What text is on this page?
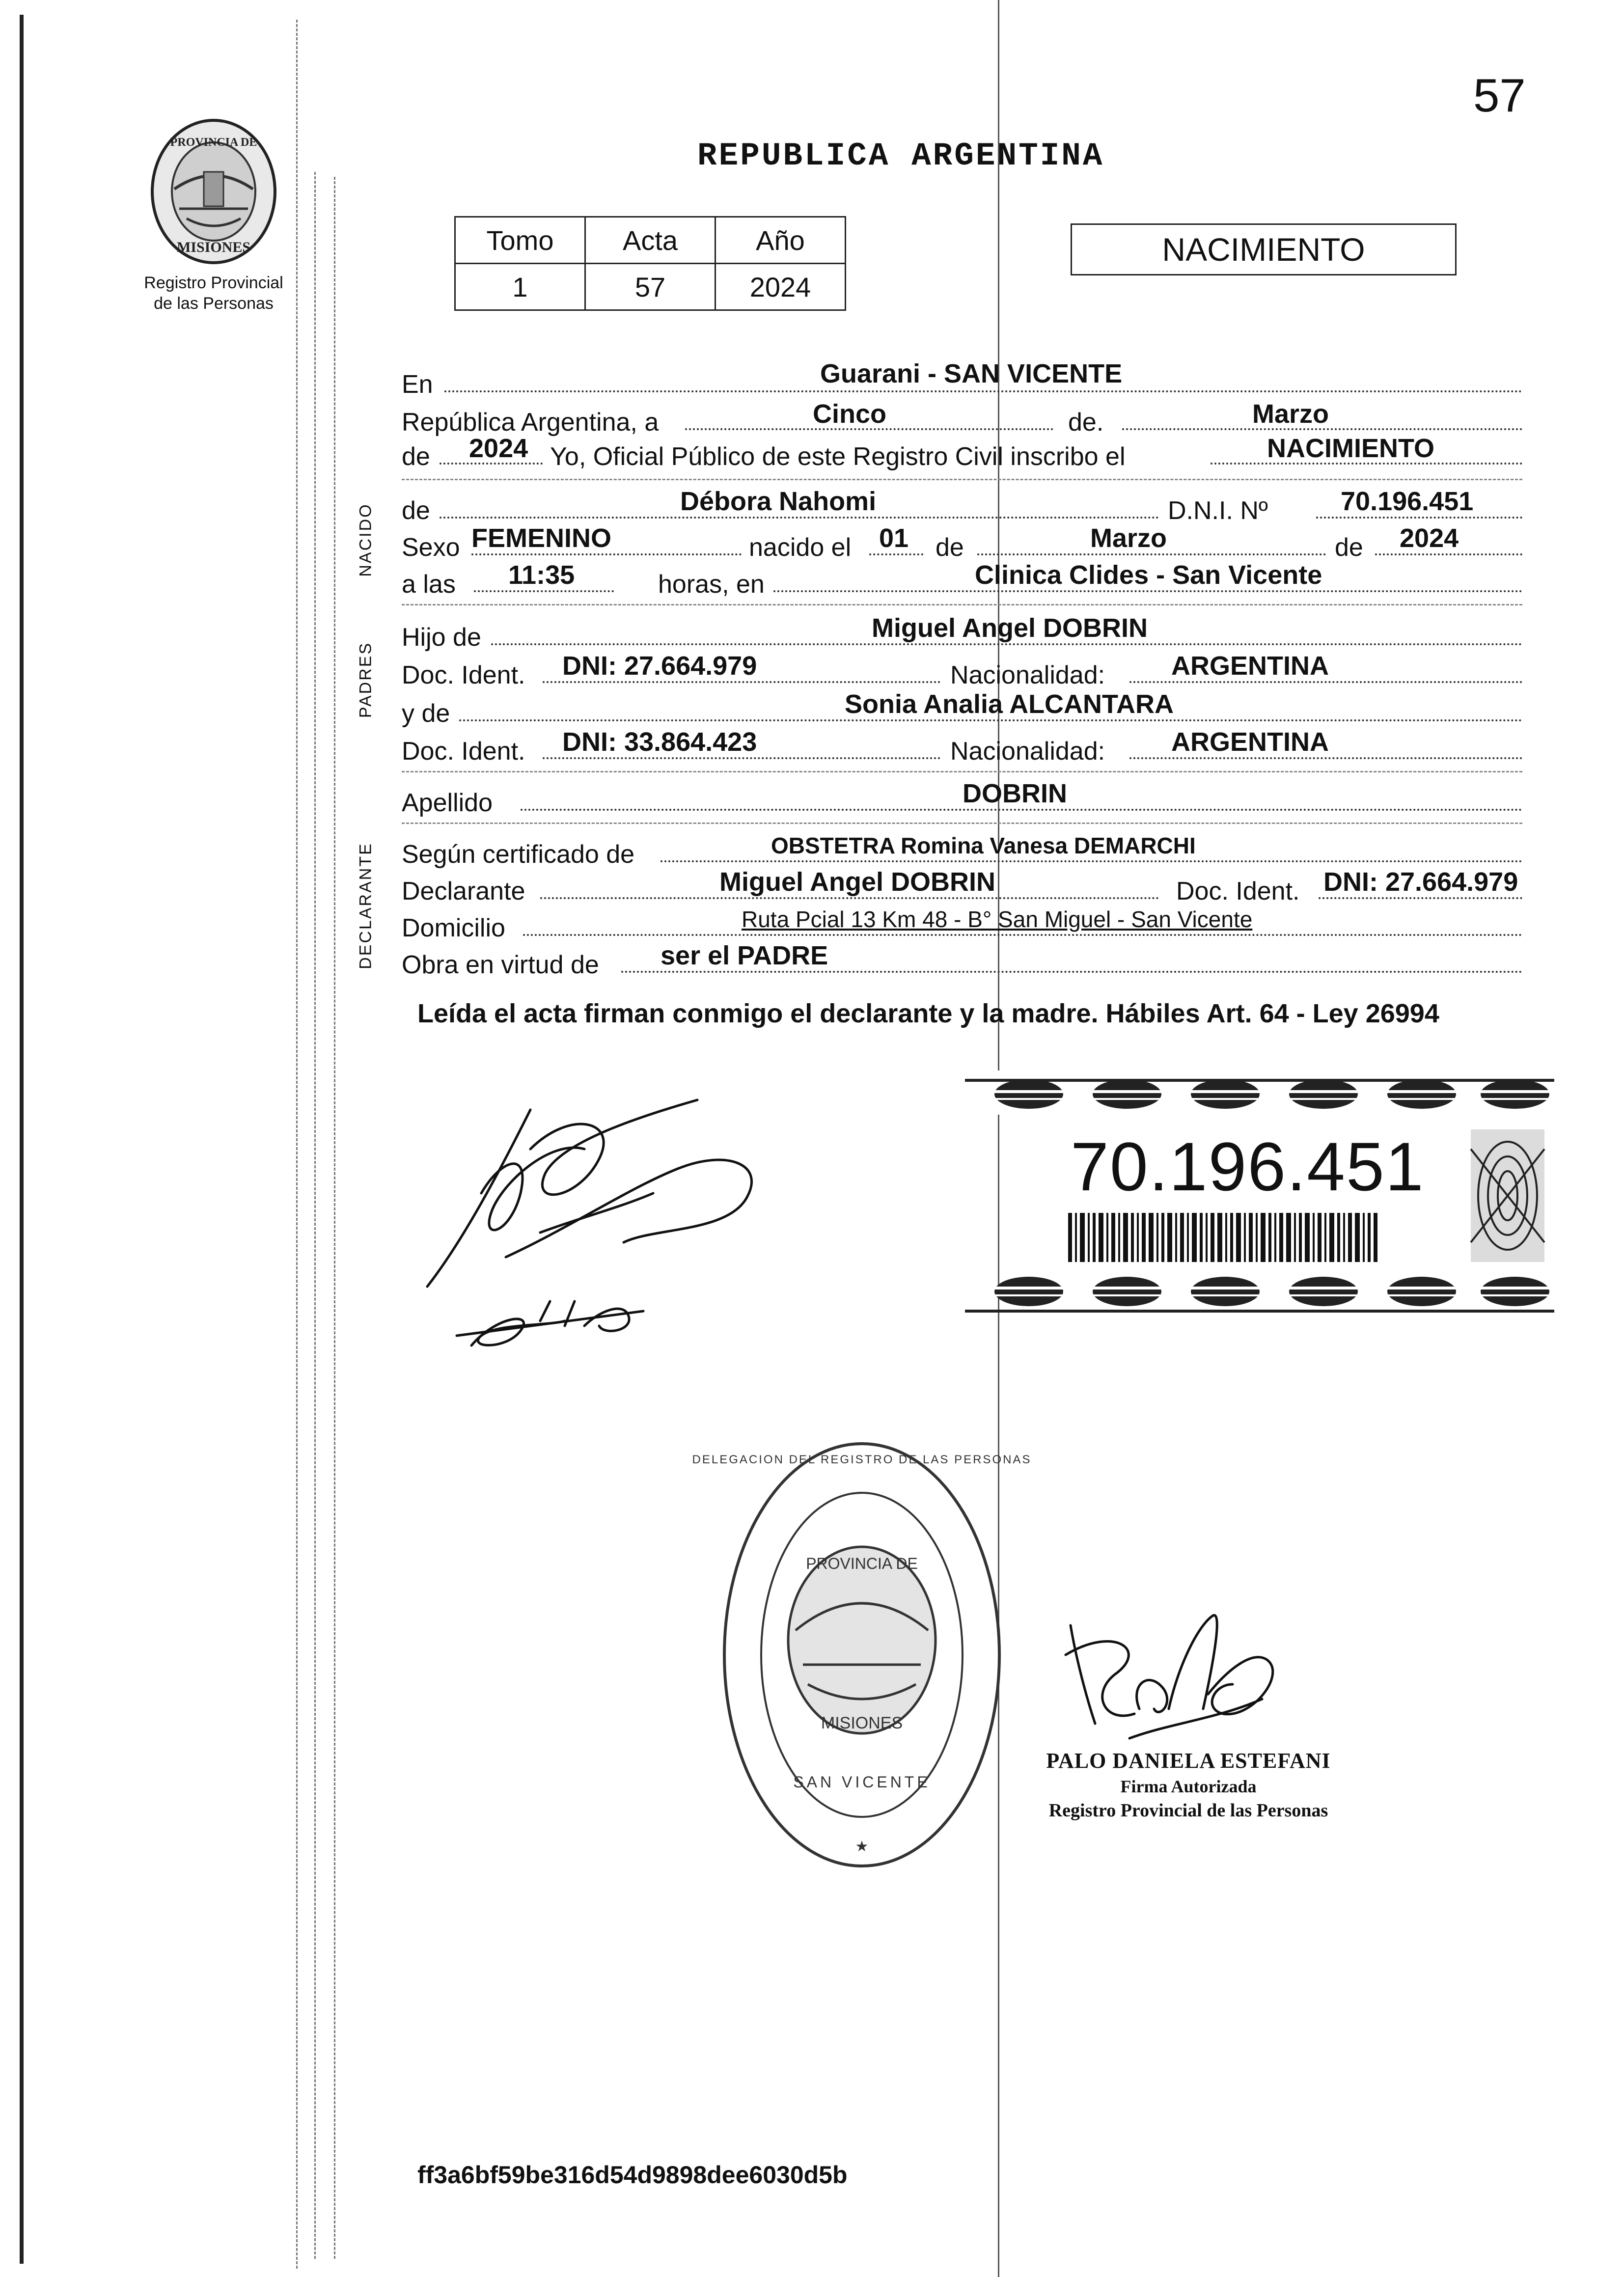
57
PROVINCIA DE
MISIONES
Registro Provincial
de las Personas
REPUBLICA ARGENTINA
Tomo	Acta	Año
1	57	2024
NACIMIENTO
NACIDO
PADRES
DECLARANTE
En	Guarani - SAN VICENTE
República Argentina, a	Cinco	de.	Marzo
de 2024 Yo, Oficial Público de este Registro Civil inscribo el	NACIMIENTO
de	Débora Nahomi	D.N.I. Nº	70.196.451
Sexo FEMENINO	nacido el 01 de	Marzo	de 2024
a las 11:35	horas, en	Clinica Clides - San Vicente
Hijo de	Miguel Angel DOBRIN
Doc. Ident. DNI: 27.664.979	Nacionalidad: ARGENTINA
y de	Sonia Analia ALCANTARA
Doc. Ident. DNI: 33.864.423	Nacionalidad: ARGENTINA
Apellido	DOBRIN
Según certificado de	OBSTETRA Romina Vanesa DEMARCHI
Declarante	Miguel Angel DOBRIN	Doc. Ident. DNI: 27.664.979
Domicilio	Ruta Pcial 13 Km 48 - B° San Miguel - San Vicente
Obra en virtud de ser el PADRE
Leída el acta firman conmigo el declarante y la madre. Hábiles Art. 64 - Ley 26994
70.196.451
DELEGACION DEL REGISTRO DE LAS PERSONAS
PROVINCIA DE
MISIONES
SAN VICENTE
★
PALO DANIELA ESTEFANI
Firma Autorizada
Registro Provincial de las Personas
ff3a6bf59be316d54d9898dee6030d5b
